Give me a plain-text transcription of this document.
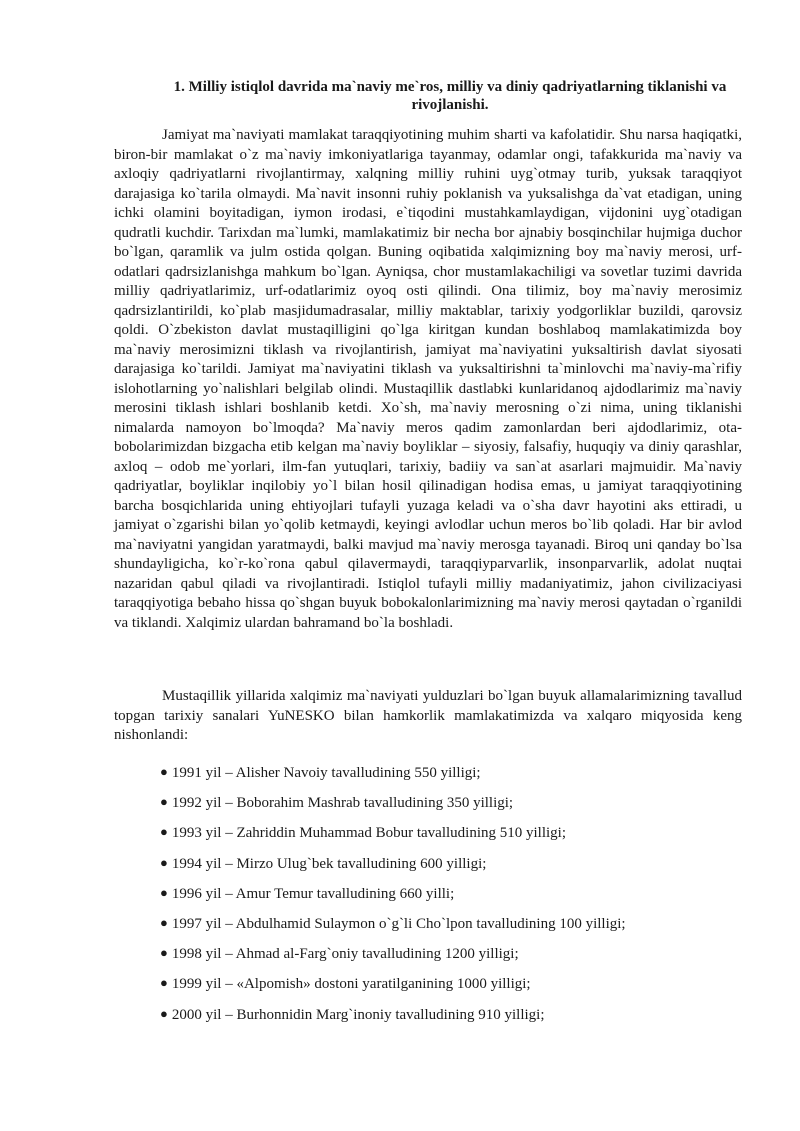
1. Milliy istiqlol davrida ma`naviy me`ros, milliy va diniy qadriyatlarning tiklanishi va rivojlanishi.

Jamiyat ma`naviyati mamlakat taraqqiyotining muhim sharti va kafolatidir. Shu narsa haqiqatki, biron-bir mamlakat o`z ma`naviy imkoniyatlariga tayanmay, odamlar ongi, tafakkurida ma`naviy va axloqiy qadriyatlarni rivojlantirmay, xalqning milliy ruhini uyg`otmay turib, yuksak taraqqiyot darajasiga ko`tarila olmaydi. Ma`navit insonni ruhiy poklanish va yuksalishga da`vat etadigan, uning ichki olamini boyitadigan, iymon irodasi, e`tiqodini mustahkamlaydigan, vijdonini uyg`otadigan qudratli kuchdir. Tarixdan ma`lumki, mamlakatimiz bir necha bor ajnabiy bosqinchilar hujmiga duchor bo`lgan, qaramlik va julm ostida qolgan. Buning oqibatida xalqimizning boy ma`naviy merosi, urf-odatlari qadrsizlanishga mahkum bo`lgan. Ayniqsa, chor mustamlakachiligi va sovetlar tuzimi davrida milliy qadriyatlarimiz, urf-odatlarimiz oyoq osti qilindi. Ona tilimiz, boy ma`naviy merosimiz qadrsizlantirildi, ko`plab masjidumadrasalar, milliy maktablar, tarixiy yodgorliklar buzildi, qarovsiz qoldi. O`zbekiston davlat mustaqilligini qo`lga kiritgan kundan boshlaboq mamlakatimizda boy ma`naviy merosimizni tiklash va rivojlantirish, jamiyat ma`naviyatini yuksaltirish davlat siyosati darajasiga ko`tarildi. Jamiyat ma`naviyatini tiklash va yuksaltirishni ta`minlovchi ma`naviy-ma`rifiy islohotlarning yo`nalishlari belgilab olindi. Mustaqillik dastlabki kunlaridanoq ajdodlarimiz ma`naviy merosini tiklash ishlari boshlanib ketdi. Xo`sh, ma`naviy merosning o`zi nima, uning tiklanishi nimalarda namoyon bo`lmoqda? Ma`naviy meros qadim zamonlardan beri ajdodlarimiz, ota-bobolarimizdan bizgacha etib kelgan ma`naviy boyliklar – siyosiy, falsafiy, huquqiy va diniy qarashlar, axloq – odob me`yorlari, ilm-fan yutuqlari, tarixiy, badiiy va san`at asarlari majmuidir. Ma`naviy qadriyatlar, boyliklar inqilobiy yo`l bilan hosil qilinadigan hodisa emas, u jamiyat taraqqiyotining barcha bosqichlarida uning ehtiyojlari tufayli yuzaga keladi va o`sha davr hayotini aks ettiradi, u jamiyat o`zgarishi bilan yo`qolib ketmaydi, keyingi avlodlar uchun meros bo`lib qoladi. Har bir avlod ma`naviyatni yangidan yaratmaydi, balki mavjud ma`naviy merosga tayanadi. Biroq uni qanday bo`lsa shundayligicha, ko`r-ko`rona qabul qilavermaydi, taraqqiyparvarlik, insonparvarlik, adolat nuqtai nazaridan qabul qiladi va rivojlantiradi. Istiqlol tufayli milliy madaniyatimiz, jahon civilizaciyasi taraqqiyotiga bebaho hissa qo`shgan buyuk bobokalonlarimizning ma`naviy merosi qaytadan o`rganildi va tiklandi. Xalqimiz ulardan bahramand bo`la boshladi.

Mustaqillik yillarida xalqimiz ma`naviyati yulduzlari bo`lgan buyuk allamalarimizning tavallud topgan tarixiy sanalari YuNESKO bilan hamkorlik mamlakatimizda va xalqaro miqyosida keng nishonlandi:

● 1991 yil – Alisher Navoiy tavalludining 550 yilligi;
● 1992 yil – Boborahim Mashrab tavalludining 350 yilligi;
● 1993 yil – Zahriddin Muhammad Bobur tavalludining 510 yilligi;
● 1994 yil – Mirzo Ulug`bek tavalludining 600 yilligi;
● 1996 yil – Amur Temur tavalludining 660 yilli;
● 1997 yil – Abdulhamid Sulaymon o`g`li Cho`lpon tavalludining 100 yilligi;
● 1998 yil – Ahmad al-Farg`oniy tavalludining 1200 yilligi;
● 1999 yil – «Alpomish» dostoni yaratilganining 1000 yilligi;
● 2000 yil – Burhonnidin Marg`inoniy tavalludining 910 yilligi;
